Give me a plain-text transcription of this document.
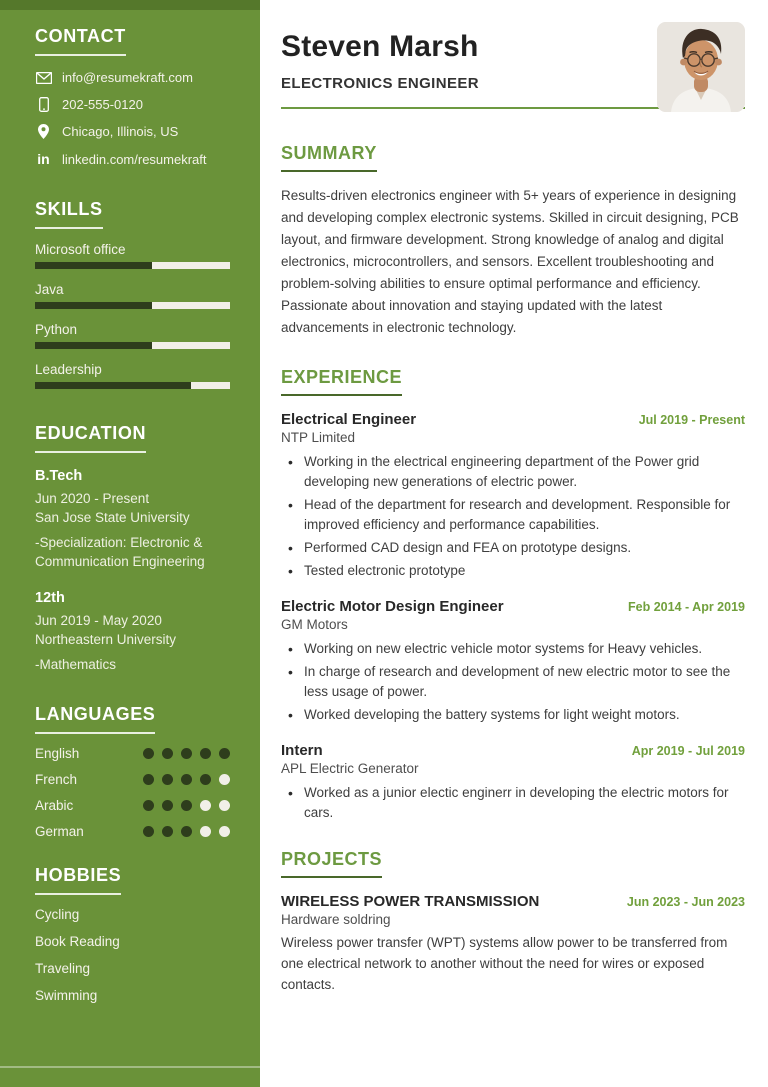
CONTACT
info@resumekraft.com
202-555-0120
Chicago, Illinois, US
in linkedin.com/resumekraft
SKILLS
Microsoft office
Java
Python
Leadership
EDUCATION
B.Tech
Jun 2020 - Present
San Jose State University
-Specialization: Electronic & Communication Engineering
12th
Jun 2019 - May 2020
Northeastern University
-Mathematics
LANGUAGES
English
French
Arabic
German
HOBBIES
Cycling
Book Reading
Traveling
Swimming
Steven Marsh
ELECTRONICS ENGINEER
SUMMARY

Results-driven electronics engineer with 5+ years of experience in designing and developing complex electronic systems. Skilled in circuit designing, PCB layout, and firmware development. Strong knowledge of analog and digital electronics, microcontrollers, and sensors. Excellent troubleshooting and problem-solving abilities to ensure optimal performance and efficiency. Passionate about innovation and staying updated with the latest advancements in electronic technology.

EXPERIENCE
Electrical Engineer	Jul 2019 - Present
NTP Limited
• Working in the electrical engineering department of the Power grid developing new generations of electric power.
• Head of the department for research and development. Responsible for improved efficiency and performance capabilities.
• Performed CAD design and FEA on prototype designs.
• Tested electronic prototype
Electric Motor Design Engineer	Feb 2014 - Apr 2019
GM Motors
• Working on new electric vehicle motor systems for Heavy vehicles.
• In charge of research and development of new electric motor to see the less usage of power.
• Worked developing the battery systems for light weight motors.
Intern	Apr 2019 - Jul 2019
APL Electric Generator
• Worked as a junior electic enginerr in developing the electric motors for cars.
PROJECTS
WIRELESS POWER TRANSMISSION	Jun 2023 - Jun 2023
Hardware soldring

Wireless power transfer (WPT) systems allow power to be transferred from one electrical network to another without the need for wires or exposed contacts.
